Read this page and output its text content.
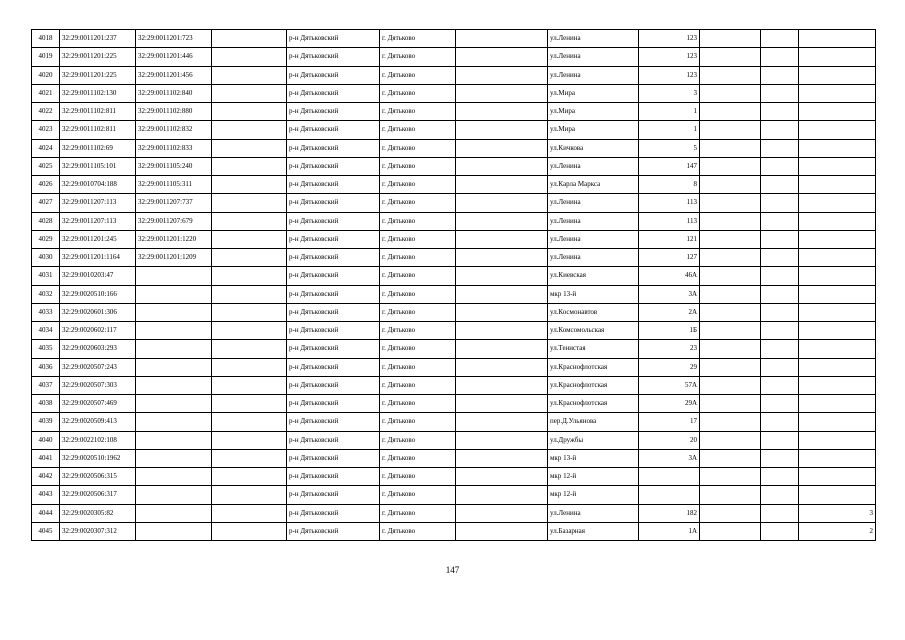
4018	32:29:0011201:237	32:29:0011201:723		р-н Дятьковский	г. Дятьково		ул.Ленина	123			
4019	32:29:0011201:225	32:29:0011201:446		р-н Дятьковский	г. Дятьково		ул.Ленина	123			
4020	32:29:0011201:225	32:29:0011201:456		р-н Дятьковский	г. Дятьково		ул.Ленина	123			
4021	32:29:0011102:130	32:29:0011102:840		р-н Дятьковский	г. Дятьково		ул.Мира	3			
4022	32:29:0011102:811	32:29:0011102:880		р-н Дятьковский	г. Дятьково		ул.Мира	1			
4023	32:29:0011102:811	32:29:0011102:832		р-н Дятьковский	г. Дятьково		ул.Мира	1			
4024	32:29:0011102:69	32:29:0011102:833		р-н Дятьковский	г. Дятьково		ул.Кичкова	5			
4025	32:29:0011105:101	32:29:0011105:240		р-н Дятьковский	г. Дятьково		ул.Ленина	147			
4026	32:29:0010704:188	32:29:0011105:311		р-н Дятьковский	г. Дятьково		ул.Карла Маркса	8			
4027	32:29:0011207:113	32:29:0011207:737		р-н Дятьковский	г. Дятьково		ул.Ленина	113			
4028	32:29:0011207:113	32:29:0011207:679		р-н Дятьковский	г. Дятьково		ул.Ленина	113			
4029	32:29:0011201:245	32:29:0011201:1220		р-н Дятьковский	г. Дятьково		ул.Ленина	121			
4030	32:29:0011201:1164	32:29:0011201:1209		р-н Дятьковский	г. Дятьково		ул.Ленина	127			
4031	32:29:0010203:47			р-н Дятьковский	г. Дятьково		ул.Киевская	46А			
4032	32:29:0020510:166			р-н Дятьковский	г. Дятьково		мкр 13-й	3А			
4033	32:29:0020601:306			р-н Дятьковский	г. Дятьково		ул.Космонавтов	2А			
4034	32:29:0020602:117			р-н Дятьковский	г. Дятьково		ул.Комсомольская	1Б			
4035	32:29:0020603:293			р-н Дятьковский	г. Дятьково		ул.Тенистая	23			
4036	32:29:0020507:243			р-н Дятьковский	г. Дятьково		ул.Краснофлотская	29			
4037	32:29:0020507:303			р-н Дятьковский	г. Дятьково		ул.Краснофлотская	57А			
4038	32:29:0020507:469			р-н Дятьковский	г. Дятьково		ул.Краснофлотская	29А			
4039	32:29:0020509:413			р-н Дятьковский	г. Дятьково		пер.Д.Ульянова	17			
4040	32:29:0022102:108			р-н Дятьковский	г. Дятьково		ул.Дружбы	20			
4041	32:29:0020510:1962			р-н Дятьковский	г. Дятьково		мкр 13-й	3А			
4042	32:29:0020506:315			р-н Дятьковский	г. Дятьково		мкр 12-й				
4043	32:29:0020506:317			р-н Дятьковский	г. Дятьково		мкр 12-й				
4044	32:29:0020305:82			р-н Дятьковский	г. Дятьково		ул.Ленина	182			3
4045	32:29:0020307:312			р-н Дятьковский	г. Дятьково		ул.Базарная	1А			2
147
